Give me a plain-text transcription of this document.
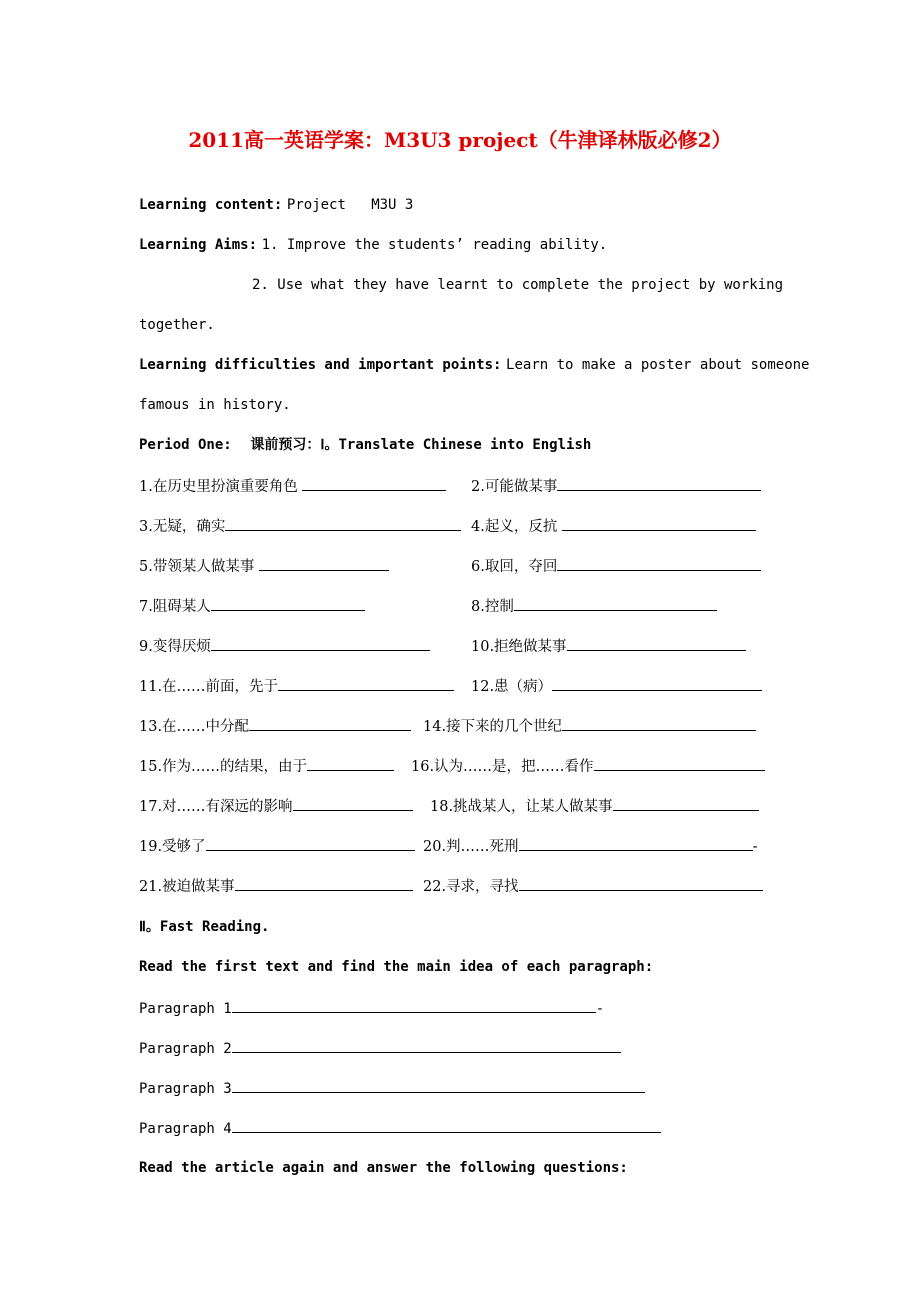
2011高一英语学案：M3U3 project（牛津译林版必修2）
Learning content: Project   M3U 3
Learning Aims: 1. Improve the students’ reading ability.
2. Use what they have learnt to complete the project by working
together.
Learning difficulties and important points: Learn to make a poster about someone
famous in history.
Period One: 课前预习：Ⅰ。Translate Chinese into English
1.在历史里扮演重要角色	2.可能做某事
3.无疑，确实	4.起义，反抗
5.带领某人做某事	6.取回，夺回
7.阻碍某人	8.控制
9.变得厌烦	10.拒绝做某事
11.在……前面，先于	12.患（病）
13.在……中分配	14.接下来的几个世纪
15.作为……的结果，由于	16.认为……是，把……看作
17.对……有深远的影响	18.挑战某人，让某人做某事
19.受够了	20.判……死刑	-
21.被迫做某事	22.寻求，寻找
Ⅱ。Fast Reading.
Read the first text and find the main idea of each paragraph:
Paragraph 1	-
Paragraph 2
Paragraph 3
Paragraph 4
Read the article again and answer the following questions:
